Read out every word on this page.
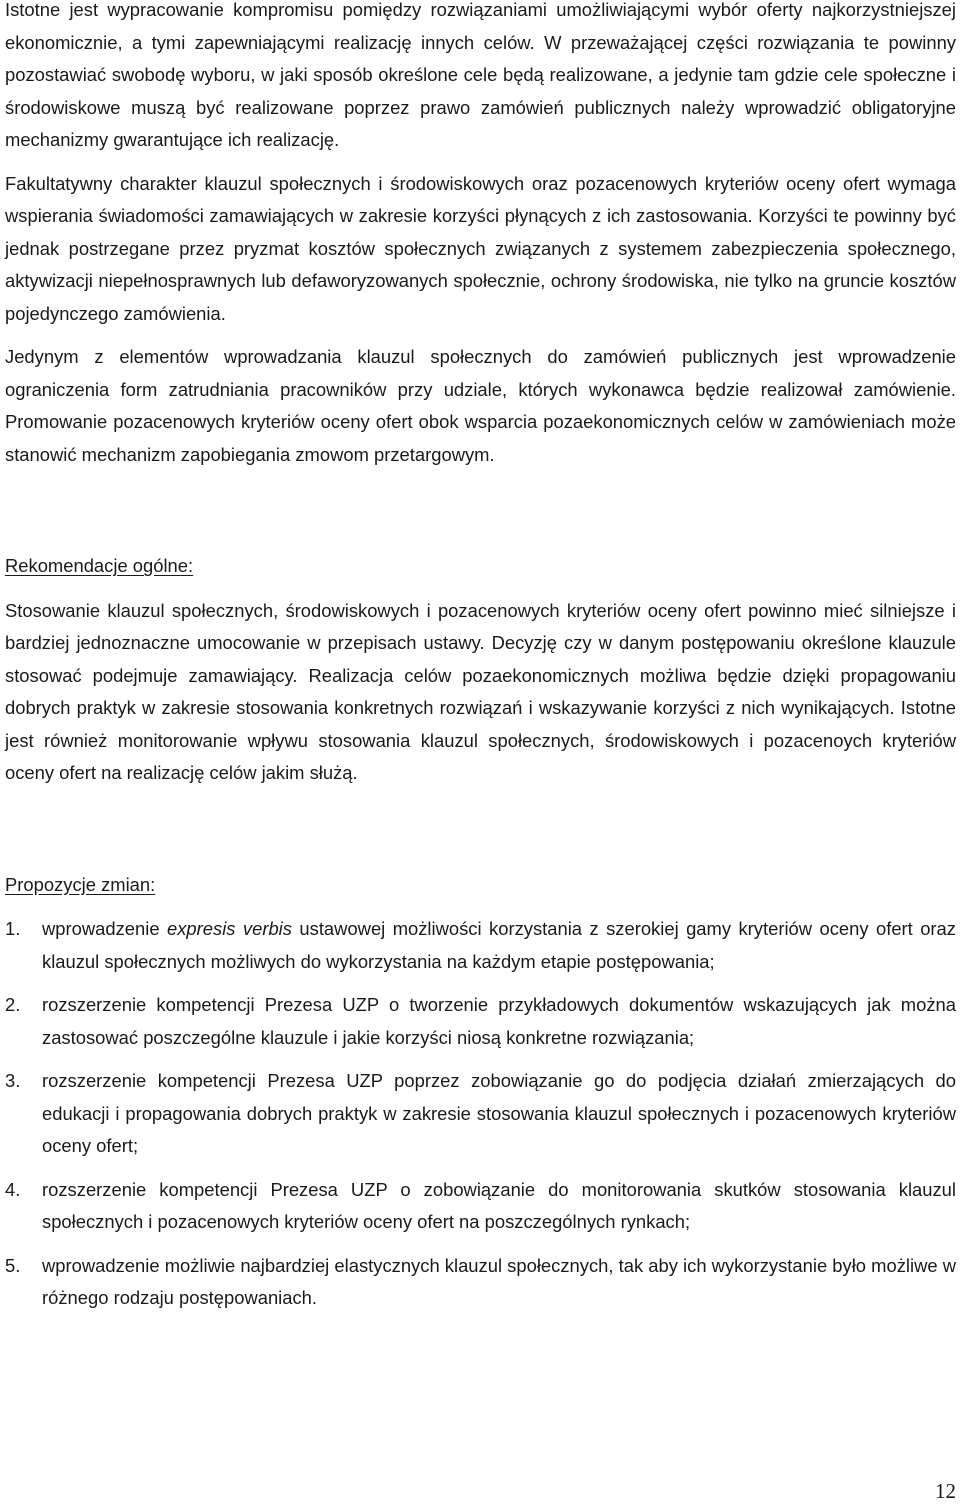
Istotne jest wypracowanie kompromisu pomiędzy rozwiązaniami umożliwiającymi wybór oferty najkorzystniejszej ekonomicznie, a tymi zapewniającymi realizację innych celów. W przeważającej części rozwiązania te powinny pozostawiać swobodę wyboru, w jaki sposób określone cele będą realizowane, a jedynie tam gdzie cele społeczne i środowiskowe muszą być realizowane poprzez prawo zamówień publicznych należy wprowadzić obligatoryjne mechanizmy gwarantujące ich realizację.

Fakultatywny charakter klauzul społecznych i środowiskowych oraz pozacenowych kryteriów oceny ofert wymaga wspierania świadomości zamawiających w zakresie korzyści płynących z ich zastosowania. Korzyści te powinny być jednak postrzegane przez pryzmat kosztów społecznych związanych z systemem zabezpieczenia społecznego, aktywizacji niepełnosprawnych lub defaworyzowanych społecznie, ochrony środowiska, nie tylko na gruncie kosztów pojedynczego zamówienia.

Jedynym z elementów wprowadzania klauzul społecznych do zamówień publicznych jest wprowadzenie ograniczenia form zatrudniania pracowników przy udziale, których wykonawca będzie realizował zamówienie. Promowanie pozacenowych kryteriów oceny ofert obok wsparcia pozaekonomicznych celów w zamówieniach może stanowić mechanizm zapobiegania zmowom przetargowym.

Rekomendacje ogólne:

Stosowanie klauzul społecznych, środowiskowych i pozacenowych kryteriów oceny ofert powinno mieć silniejsze i bardziej jednoznaczne umocowanie w przepisach ustawy. Decyzję czy w danym postępowaniu określone klauzule stosować podejmuje zamawiający. Realizacja celów pozaekonomicznych możliwa będzie dzięki propagowaniu dobrych praktyk w zakresie stosowania konkretnych rozwiązań i wskazywanie korzyści z nich wynikających. Istotne jest również monitorowanie wpływu stosowania klauzul społecznych, środowiskowych i pozacenoych kryteriów oceny ofert na realizację celów jakim służą.

Propozycje zmian:

1. wprowadzenie expresis verbis ustawowej możliwości korzystania z szerokiej gamy kryteriów oceny ofert oraz klauzul społecznych możliwych do wykorzystania na każdym etapie postępowania;
2. rozszerzenie kompetencji Prezesa UZP o tworzenie przykładowych dokumentów wskazujących jak można zastosować poszczególne klauzule i jakie korzyści niosą konkretne rozwiązania;
3. rozszerzenie kompetencji Prezesa UZP poprzez zobowiązanie go do podjęcia działań zmierzających do edukacji i propagowania dobrych praktyk w zakresie stosowania klauzul społecznych i pozacenowych kryteriów oceny ofert;
4. rozszerzenie kompetencji Prezesa UZP o zobowiązanie do monitorowania skutków stosowania klauzul społecznych i pozacenowych kryteriów oceny ofert na poszczególnych rynkach;
5. wprowadzenie możliwie najbardziej elastycznych klauzul społecznych, tak aby ich wykorzystanie było możliwe w różnego rodzaju postępowaniach.
12
